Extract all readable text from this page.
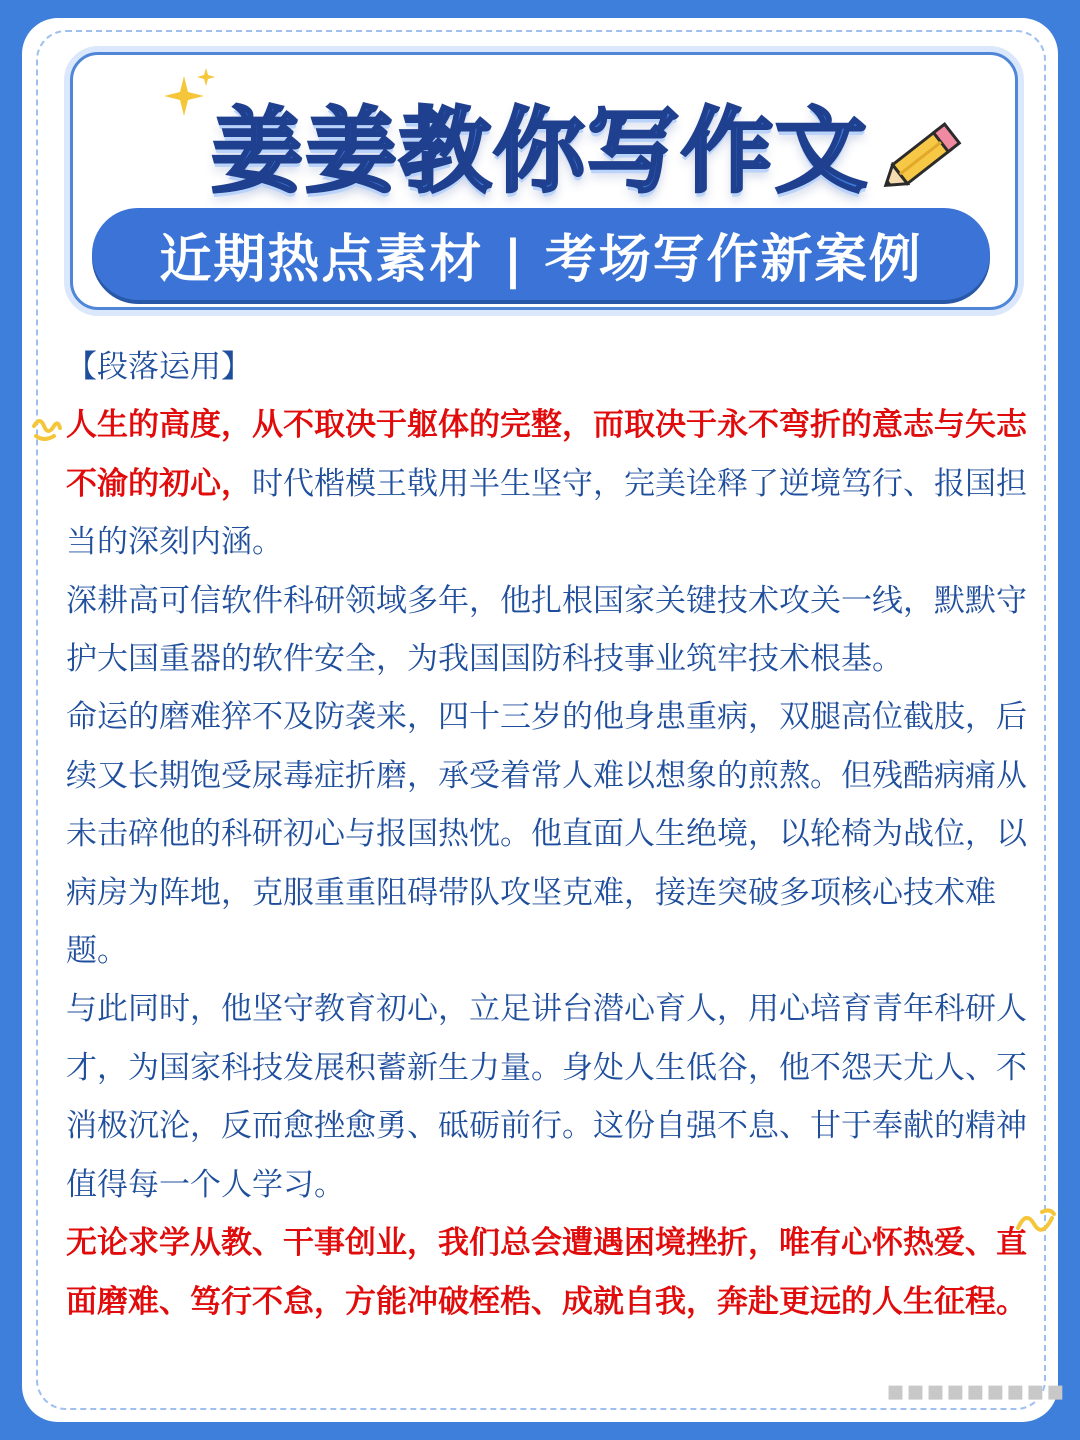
姜姜教你写作文
近期热点素材 | 考场写作新案例

【段落运用】

人生的高度，从不取决于躯体的完整，而取决于永不弯折的意志与矢志不渝的初心，时代楷模王戟用半生坚守，完美诠释了逆境笃行、报国担当的深刻内涵。

深耕高可信软件科研领域多年，他扎根国家关键技术攻关一线，默默守护大国重器的软件安全，为我国国防科技事业筑牢技术根基。

命运的磨难猝不及防袭来，四十三岁的他身患重病，双腿高位截肢，后续又长期饱受尿毒症折磨，承受着常人难以想象的煎熬。但残酷病痛从未击碎他的科研初心与报国热忱。他直面人生绝境，以轮椅为战位，以病房为阵地，克服重重阻碍带队攻坚克难，接连突破多项核心技术难题。

与此同时，他坚守教育初心，立足讲台潜心育人，用心培育青年科研人才，为国家科技发展积蓄新生力量。身处人生低谷，他不怨天尤人、不消极沉沦，反而愈挫愈勇、砥砺前行。这份自强不息、甘于奉献的精神值得每一个人学习。

无论求学从教、干事创业，我们总会遭遇困境挫折，唯有心怀热爱、直面磨难、笃行不怠，方能冲破桎梏、成就自我，奔赴更远的人生征程。

▪▪▪▪▪▪▪▪▪
